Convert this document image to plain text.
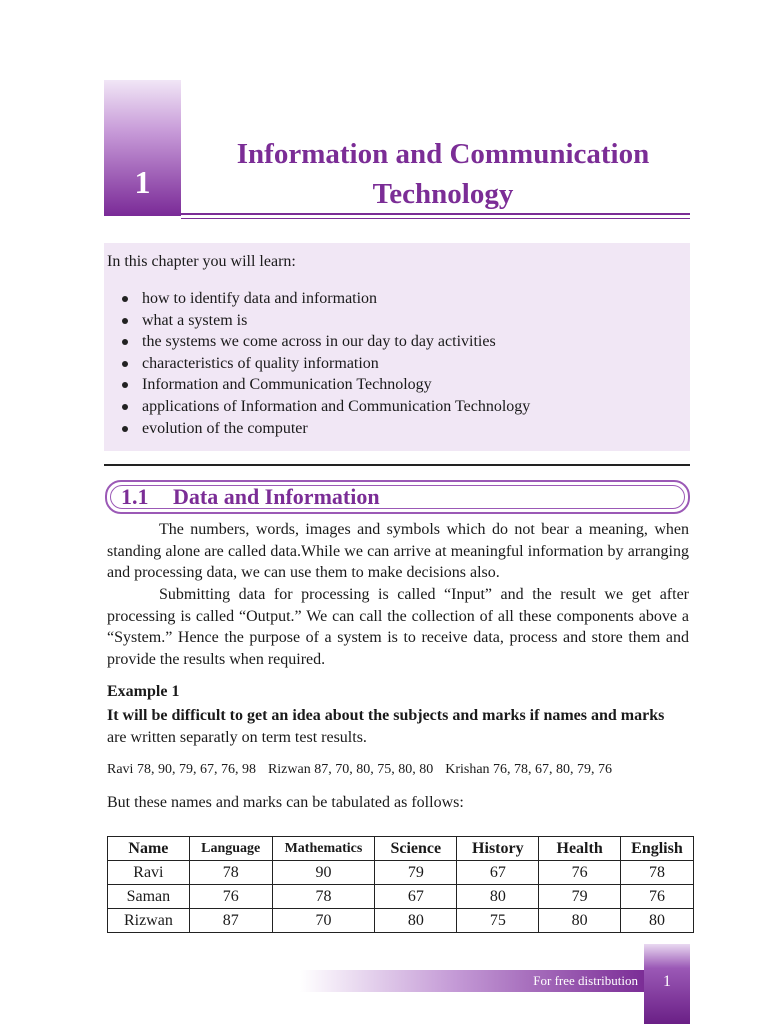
1
Information and Communication
Technology
In this chapter you will learn:
how to identify data and information
what a system is
the systems we come across in our day to day activities
characteristics of quality information
Information and Communication Technology
applications of Information and Communication Technology
evolution of the computer
1.1 Data and Information
The numbers, words, images and symbols which do not bear a meaning, when standing alone are called data.While we can arrive at meaningful information by arranging and processing data, we can use them to make decisions also.
Submitting data for processing is called “Input” and the result we get after processing is called “Output.” We can call the collection of all these components above a “System.” Hence the purpose of a system is to receive data, process and store them and provide the results when required.
Example 1
It will be difficult to get an idea about the subjects and marks if names and marks
are written separatly on term test results.
Ravi 78, 90, 79, 67, 76, 98 Rizwan 87, 70, 80, 75, 80, 80 Krishan 76, 78, 67, 80, 79, 76
But these names and marks can be tabulated as follows:
Name	Language	Mathematics	Science	History	Health	English
Ravi	78	90	79	67	76	78
Saman	76	78	67	80	79	76
Rizwan	87	70	80	75	80	80
For free distribution	1
